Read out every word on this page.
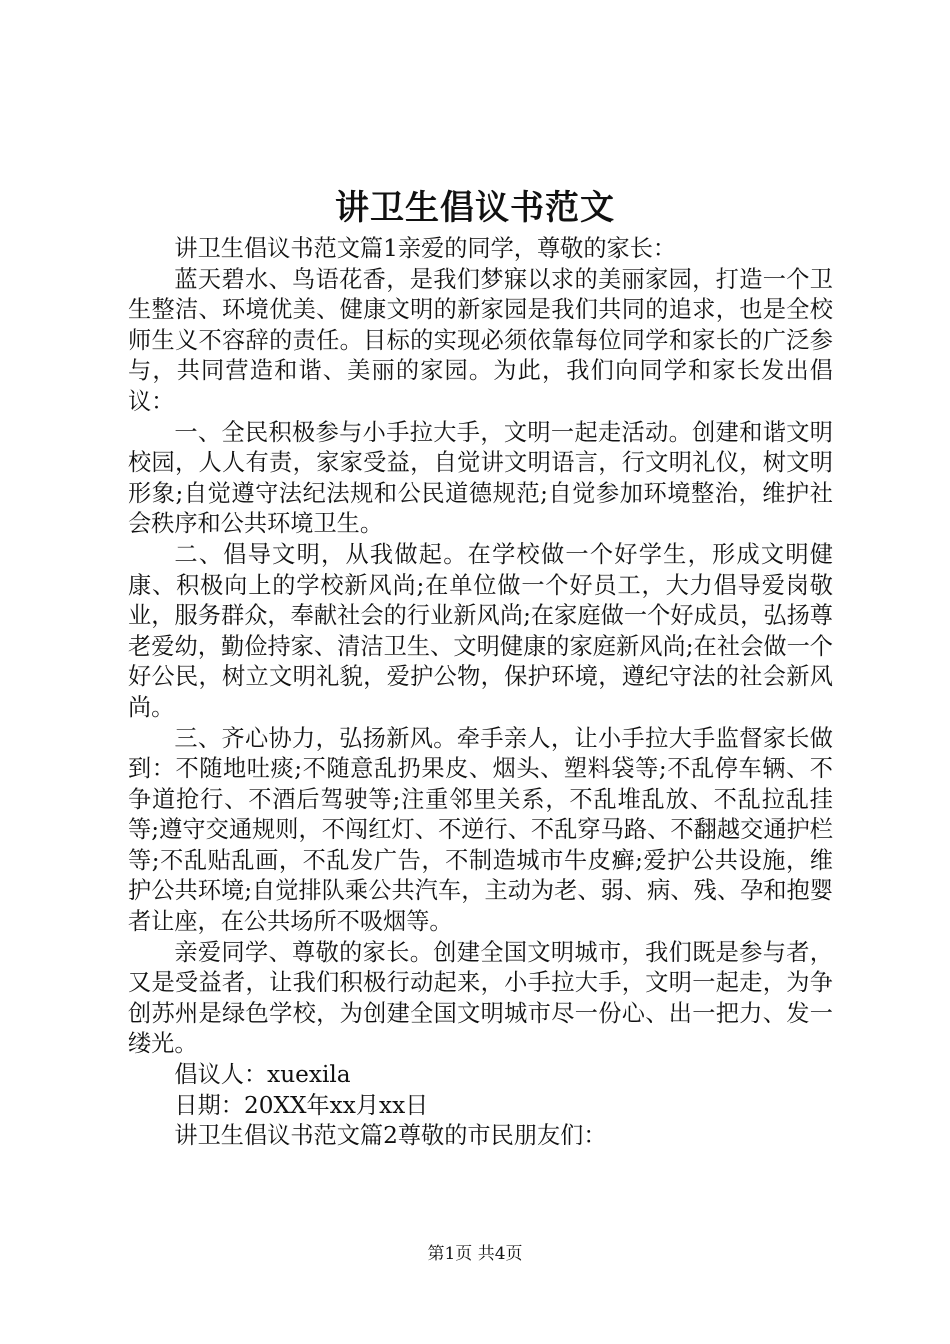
讲卫生倡议书范文

讲卫生倡议书范文篇1亲爱的同学，尊敬的家长：

蓝天碧水、鸟语花香，是我们梦寐以求的美丽家园，打造一个卫生整洁、环境优美、健康文明的新家园是我们共同的追求，也是全校师生义不容辞的责任。目标的实现必须依靠每位同学和家长的广泛参与，共同营造和谐、美丽的家园。为此，我们向同学和家长发出倡议：

一、全民积极参与小手拉大手，文明一起走活动。创建和谐文明校园，人人有责，家家受益，自觉讲文明语言，行文明礼仪，树文明形象;自觉遵守法纪法规和公民道德规范;自觉参加环境整治，维护社会秩序和公共环境卫生。

二、倡导文明，从我做起。在学校做一个好学生，形成文明健康、积极向上的学校新风尚;在单位做一个好员工，大力倡导爱岗敬业，服务群众，奉献社会的行业新风尚;在家庭做一个好成员，弘扬尊老爱幼，勤俭持家、清洁卫生、文明健康的家庭新风尚;在社会做一个好公民，树立文明礼貌，爱护公物，保护环境，遵纪守法的社会新风尚。

三、齐心协力，弘扬新风。牵手亲人，让小手拉大手监督家长做到：不随地吐痰;不随意乱扔果皮、烟头、塑料袋等;不乱停车辆、不争道抢行、不酒后驾驶等;注重邻里关系，不乱堆乱放、不乱拉乱挂等;遵守交通规则，不闯红灯、不逆行、不乱穿马路、不翻越交通护栏等;不乱贴乱画，不乱发广告，不制造城市牛皮癣;爱护公共设施，维护公共环境;自觉排队乘公共汽车，主动为老、弱、病、残、孕和抱婴者让座，在公共场所不吸烟等。

亲爱同学、尊敬的家长。创建全国文明城市，我们既是参与者，又是受益者，让我们积极行动起来，小手拉大手，文明一起走，为争创苏州是绿色学校，为创建全国文明城市尽一份心、出一把力、发一缕光。

倡议人：xuexila

日期：20XX年xx月xx日

讲卫生倡议书范文篇2尊敬的市民朋友们：

第1页 共4页
